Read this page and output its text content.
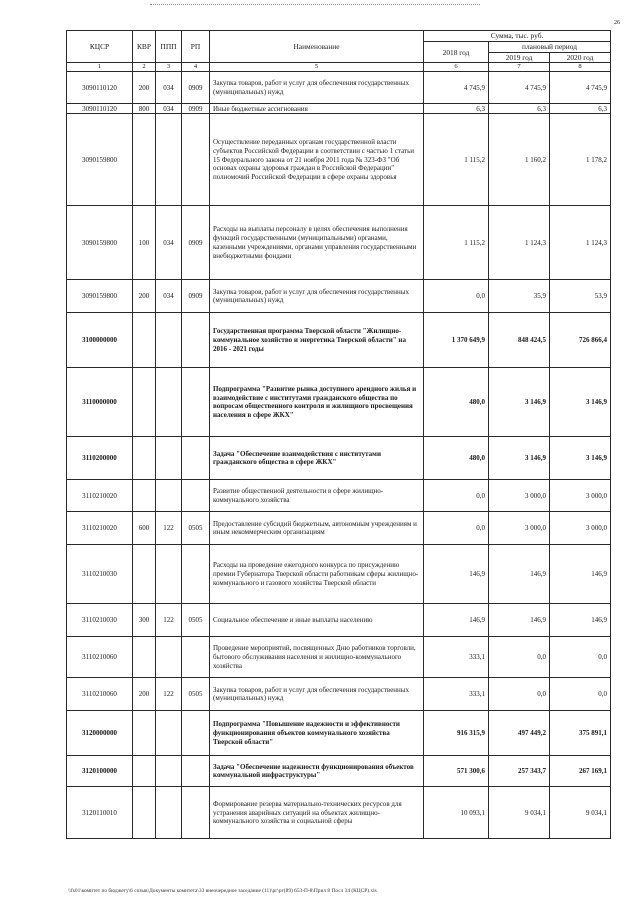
26
КЦСР	КВР	ППП	РП	Наименование	Сумма, тыс. руб.		
					2018 год	плановый период	
						2019 год	2020 год
1	2	3	4	5	6	7	8
3090110120	200	034	0909	Закупка товаров, работ и услуг для обеспечения государственных (муниципальных) нужд	4 745,9	4 745,9	4 745,9
3090110120	800	034	0909	Иные бюджетные ассигнования	6,3	6,3	6,3
3090159800				Осуществление переданных органам государственной власти субъектов Российской Федерации в соответствии с частью 1 статьи 15 Федерального закона от 21 ноября 2011 года № 323-ФЗ "Об основах охраны здоровья граждан в Российской Федерации" полномочий Российской Федерации в сфере охраны здоровья	1 115,2	1 160,2	1 178,2
3090159800	100	034	0909	Расходы на выплаты персоналу в целях обеспечения выполнения функций государственными (муниципальными) органами, казенными учреждениями, органами управления государственными внебюджетными фондами	1 115,2	1 124,3	1 124,3
3090159800	200	034	0909	Закупка товаров, работ и услуг для обеспечения государственных (муниципальных) нужд	0,0	35,9	53,9
3100000000				Государственная программа Тверской области "Жилищно-коммунальное хозяйство и энергетика Тверской области" на 2016 - 2021 годы	1 370 649,9	848 424,5	726 866,4
3110000000				Подпрограмма "Развитие рынка доступного арендного жилья и взаимодействие с институтами гражданского общества по вопросам общественного контроля и жилищного просвещения населения в сфере ЖКХ"	480,0	3 146,9	3 146,9
3110200000				Задача "Обеспечение взаимодействия с институтами гражданского общества в сфере ЖКХ"	480,0	3 146,9	3 146,9
3110210020				Развитие общественной деятельности в сфере жилищно-коммунального хозяйства	0,0	3 000,0	3 000,0
3110210020	600	122	0505	Предоставление субсидий бюджетным, автономным учреждениям и иным некоммерческим организациям	0,0	3 000,0	3 000,0
3110210030				Расходы на проведение ежегодного конкурса по присуждению премии Губернатора Тверской области работникам сферы жилищно-коммунального и газового хозяйства Тверской области	146,9	146,9	146,9
3110210030	300	122	0505	Социальное обеспечение и иные выплаты населению	146,9	146,9	146,9
3110210060				Проведение мероприятий, посвященных Дню работников торговли, бытового обслуживания населения и жилищно-коммунального хозяйства	333,1	0,0	0,0
3110210060	200	122	0505	Закупка товаров, работ и услуг для обеспечения государственных (муниципальных) нужд	333,1	0,0	0,0
3120000000				Подпрограмма "Повышение надежности и эффективности функционирования объектов коммунального хозяйства Тверской области"	916 315,9	497 449,2	375 891,1
3120100000				Задача "Обеспечение надежности функционирования объектов коммунальной инфраструктуры"	571 300,6	257 343,7	267 169,1
3120110010				Формирование резерва материально-технических ресурсов для устранения аварийных ситуаций на объектах жилищно-коммунального хозяйства и социальной сферы	10 093,1	9 034,1	9 034,1
\\fs01\комитет по бюджету\6 созыв\Документы комитета\33 внеочередное заседание (11)\рг\рг(89) 653-П-8\Прил 8 Посл 34 (КЦСР).xls
